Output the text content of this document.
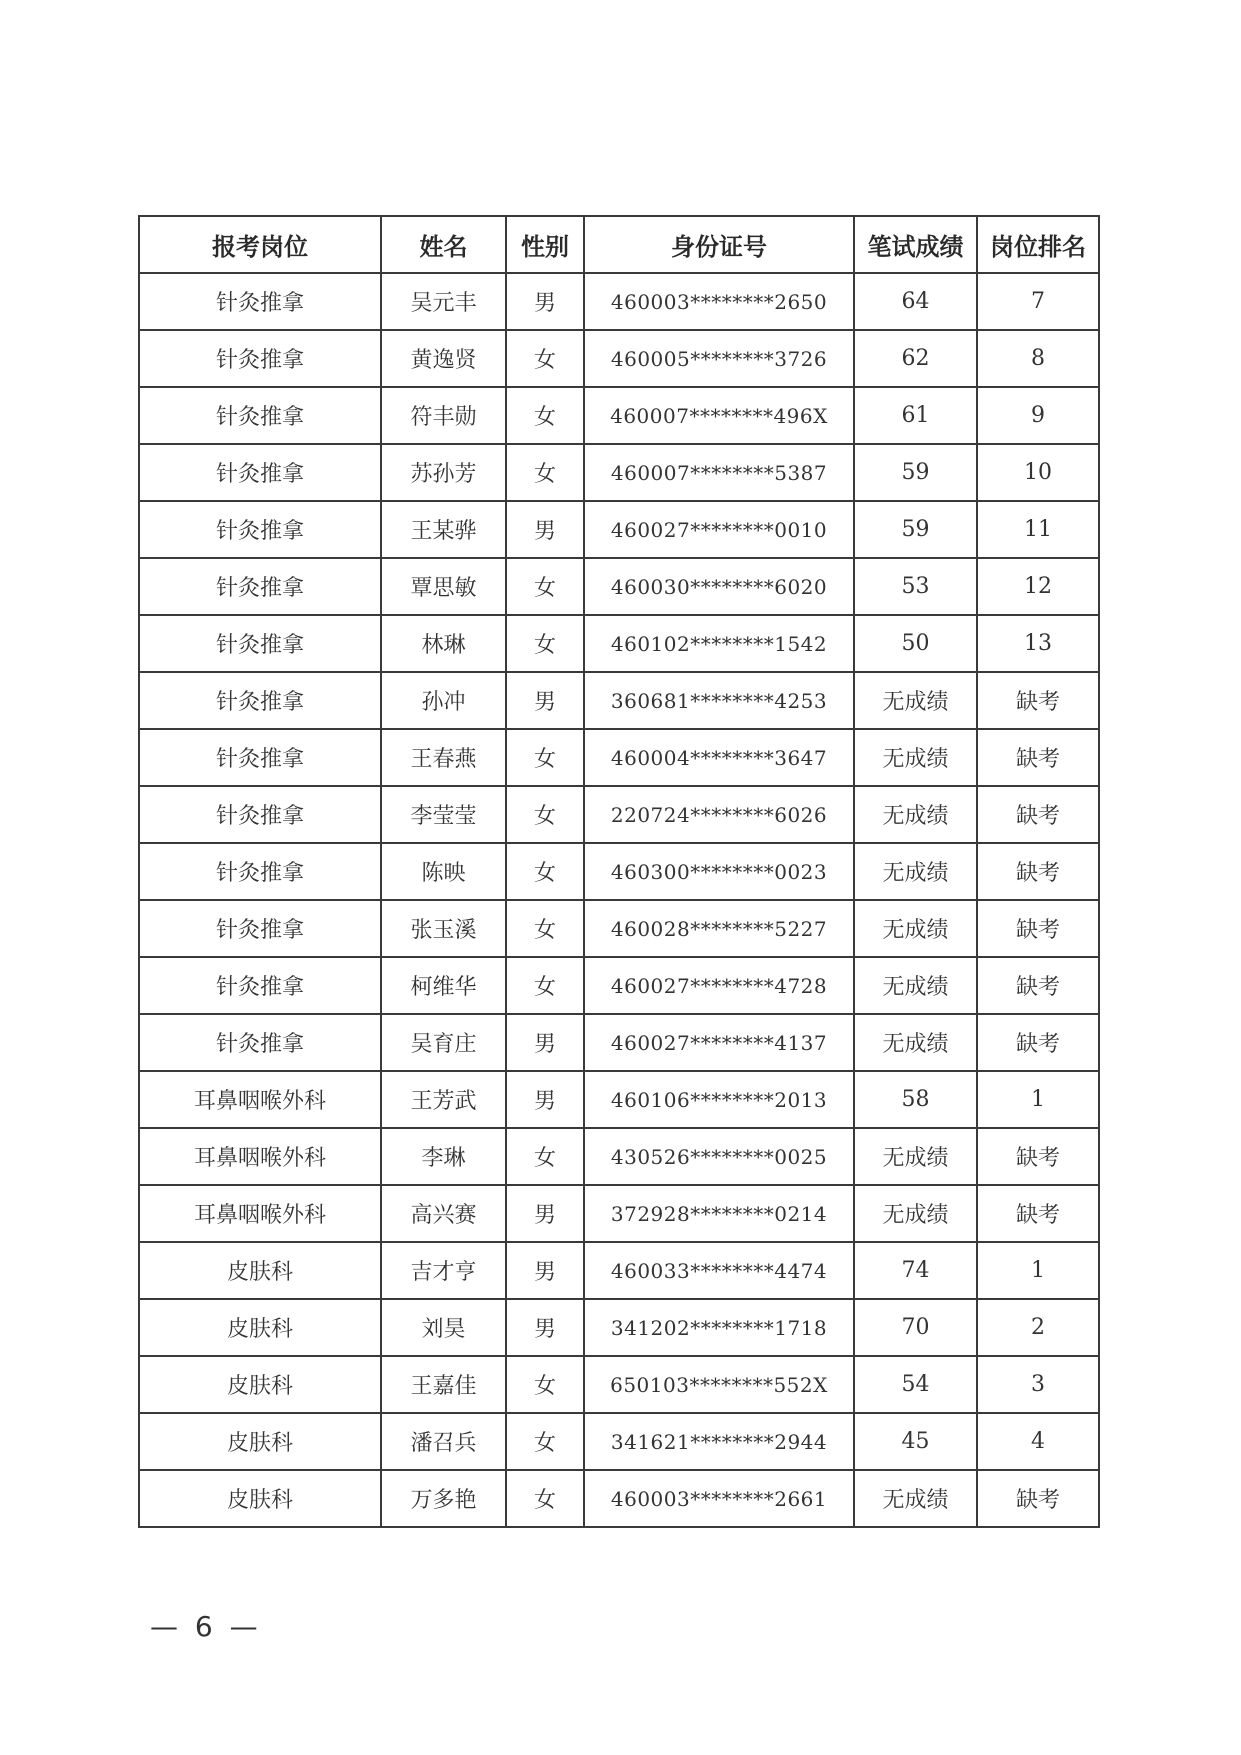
报考岗位	姓名	性别	身份证号	笔试成绩	岗位排名
针灸推拿	吴元丰	男	460003********2650	64	7
针灸推拿	黄逸贤	女	460005********3726	62	8
针灸推拿	符丰勋	女	460007********496X	61	9
针灸推拿	苏孙芳	女	460007********5387	59	10
针灸推拿	王某骅	男	460027********0010	59	11
针灸推拿	覃思敏	女	460030********6020	53	12
针灸推拿	林琳	女	460102********1542	50	13
针灸推拿	孙冲	男	360681********4253	无成绩	缺考
针灸推拿	王春燕	女	460004********3647	无成绩	缺考
针灸推拿	李莹莹	女	220724********6026	无成绩	缺考
针灸推拿	陈映	女	460300********0023	无成绩	缺考
针灸推拿	张玉溪	女	460028********5227	无成绩	缺考
针灸推拿	柯维华	女	460027********4728	无成绩	缺考
针灸推拿	吴育庄	男	460027********4137	无成绩	缺考
耳鼻咽喉外科	王芳武	男	460106********2013	58	1
耳鼻咽喉外科	李琳	女	430526********0025	无成绩	缺考
耳鼻咽喉外科	高兴赛	男	372928********0214	无成绩	缺考
皮肤科	吉才亨	男	460033********4474	74	1
皮肤科	刘昊	男	341202********1718	70	2
皮肤科	王嘉佳	女	650103********552X	54	3
皮肤科	潘召兵	女	341621********2944	45	4
皮肤科	万多艳	女	460003********2661	无成绩	缺考
— 6 —
